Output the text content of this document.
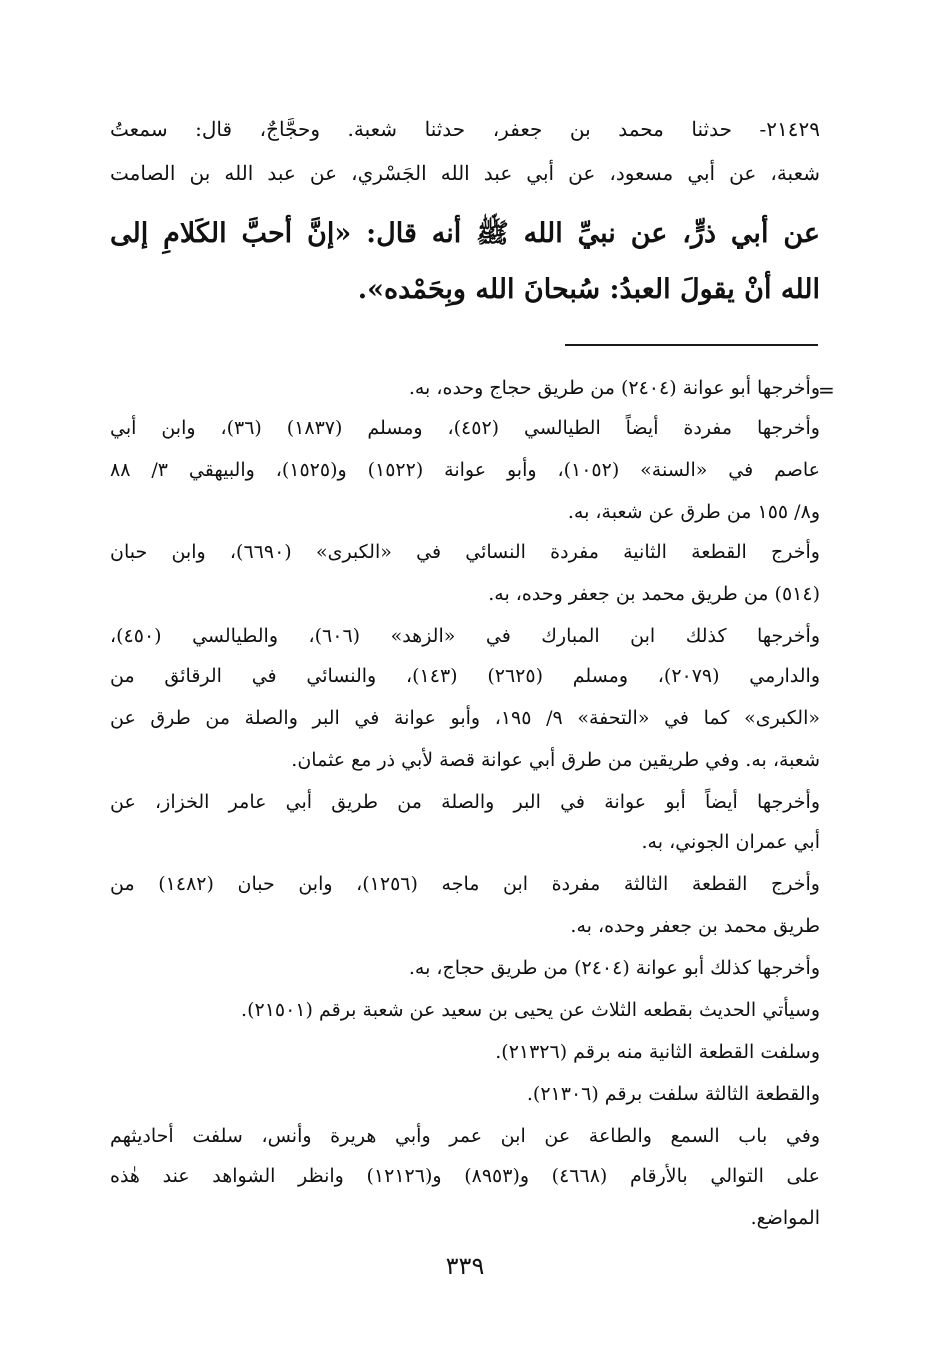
٢١٤٢٩- حدثنا محمد بن جعفر، حدثنا شعبة. وحجَّاجٌ، قال: سمعتُ
شعبة، عن أبي مسعود، عن أبي عبد الله الجَسْري، عن عبد الله بن الصامت
عن أبي ذرٍّ، عن نبيِّ الله ﷺ أنه قال: «إنَّ أحبَّ الكَلامِ إلى
الله أنْ يقولَ العبدُ: سُبحانَ الله وبِحَمْده».
=
وأخرجها أبو عوانة (٢٤٠٤) من طريق حجاج وحده، به.
وأخرجها مفردة أيضاً الطيالسي (٤٥٢)، ومسلم (١٨٣٧) (٣٦)، وابن أبي
عاصم في «السنة» (١٠٥٢)، وأبو عوانة (١٥٢٢) و(١٥٢٥)، والبيهقي ٣/ ٨٨
و٨/ ١٥٥ من طرق عن شعبة، به.
وأخرج القطعة الثانية مفردة النسائي في «الكبرى» (٦٦٩٠)، وابن حبان
(٥١٤) من طريق محمد بن جعفر وحده، به.
وأخرجها كذلك ابن المبارك في «الزهد» (٦٠٦)، والطيالسي (٤٥٠)،
والدارمي (٢٠٧٩)، ومسلم (٢٦٢٥) (١٤٣)، والنسائي في الرقائق من
«الكبرى» كما في «التحفة» ٩/ ١٩٥، وأبو عوانة في البر والصلة من طرق عن
شعبة، به. وفي طريقين من طرق أبي عوانة قصة لأبي ذر مع عثمان.
وأخرجها أيضاً أبو عوانة في البر والصلة من طريق أبي عامر الخزاز، عن
أبي عمران الجوني، به.
وأخرج القطعة الثالثة مفردة ابن ماجه (١٢٥٦)، وابن حبان (١٤٨٢) من
طريق محمد بن جعفر وحده، به.
وأخرجها كذلك أبو عوانة (٢٤٠٤) من طريق حجاج، به.
وسيأتي الحديث بقطعه الثلاث عن يحيى بن سعيد عن شعبة برقم (٢١٥٠١).
وسلفت القطعة الثانية منه برقم (٢١٣٢٦).
والقطعة الثالثة سلفت برقم (٢١٣٠٦).
وفي باب السمع والطاعة عن ابن عمر وأبي هريرة وأنس، سلفت أحاديثهم
على التوالي بالأرقام (٤٦٦٨) و(٨٩٥٣) و(١٢١٢٦) وانظر الشواهد عند هٰذه
المواضع.
٣٣٩
